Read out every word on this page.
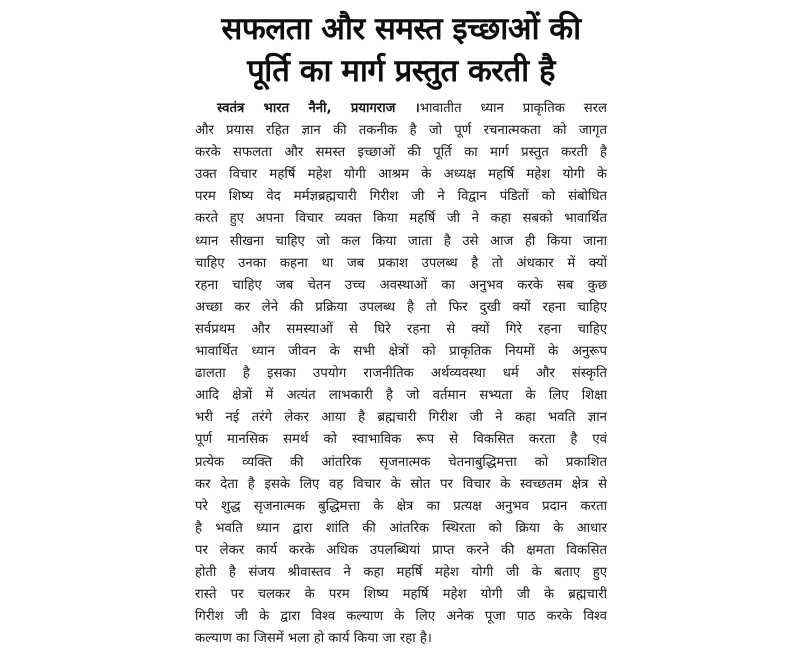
सफलता और समस्त इच्छाओं की
पूर्ति का मार्ग प्रस्तुत करती है
स्वतंत्र भारत नैनी, प्रयागराज ।भावातीत ध्यान प्राकृतिक सरल
और प्रयास रहित ज्ञान की तकनीक है जो पूर्ण रचनात्मकता को जागृत
करके सफलता और समस्त इच्छाओं की पूर्ति का मार्ग प्रस्तुत करती है
उक्त विचार महर्षि महेश योगी आश्रम के अध्यक्ष महर्षि महेश योगी के
परम शिष्य वेद मर्मज्ञब्रह्मचारी गिरीश जी ने विद्वान पंडितों को संबोधित
करते हुए अपना विचार व्यक्त किया महर्षि जी ने कहा सबको भावार्थित
ध्यान सीखना चाहिए जो कल किया जाता है उसे आज ही किया जाना
चाहिए उनका कहना था जब प्रकाश उपलब्ध है तो अंधकार में क्यों
रहना चाहिए जब चेतन उच्च अवस्थाओं का अनुभव करके सब कुछ
अच्छा कर लेने की प्रक्रिया उपलब्ध है तो फिर दुखी क्यों रहना चाहिए
सर्वप्रथम और समस्याओं से घिरे रहना से क्यों गिरे रहना चाहिए
भावार्थित ध्यान जीवन के सभी क्षेत्रों को प्राकृतिक नियमों के अनुरूप
ढालता है इसका उपयोग राजनीतिक अर्थव्यवस्था धर्म और संस्कृति
आदि क्षेत्रों में अत्यंत लाभकारी है जो वर्तमान सभ्यता के लिए शिक्षा
भरी नई तरंगे लेकर आया है ब्रह्मचारी गिरीश जी ने कहा भवति ज्ञान
पूर्ण मानसिक समर्थ को स्वाभाविक रूप से विकसित करता है एवं
प्रत्येक व्यक्ति की आंतरिक सृजनात्मक चेतनाबुद्धिमत्ता को प्रकाशित
कर देता है इसके लिए वह विचार के स्रोत पर विचार के स्वच्छतम क्षेत्र से
परे शुद्ध सृजनात्मक बुद्धिमत्ता के क्षेत्र का प्रत्यक्ष अनुभव प्रदान करता
है भवति ध्यान द्वारा शांति की आंतरिक स्थिरता को क्रिया के आधार
पर लेकर कार्य करके अधिक उपलब्धियां प्राप्त करने की क्षमता विकसित
होती है संजय श्रीवास्तव ने कहा महर्षि महेश योगी जी के बताए हुए
रास्ते पर चलकर के परम शिष्य महर्षि महेश योगी जी के ब्रह्मचारी
गिरीश जी के द्वारा विश्व कल्याण के लिए अनेक पूजा पाठ करके विश्व
कल्याण का जिसमें भला हो कार्य किया जा रहा है।
